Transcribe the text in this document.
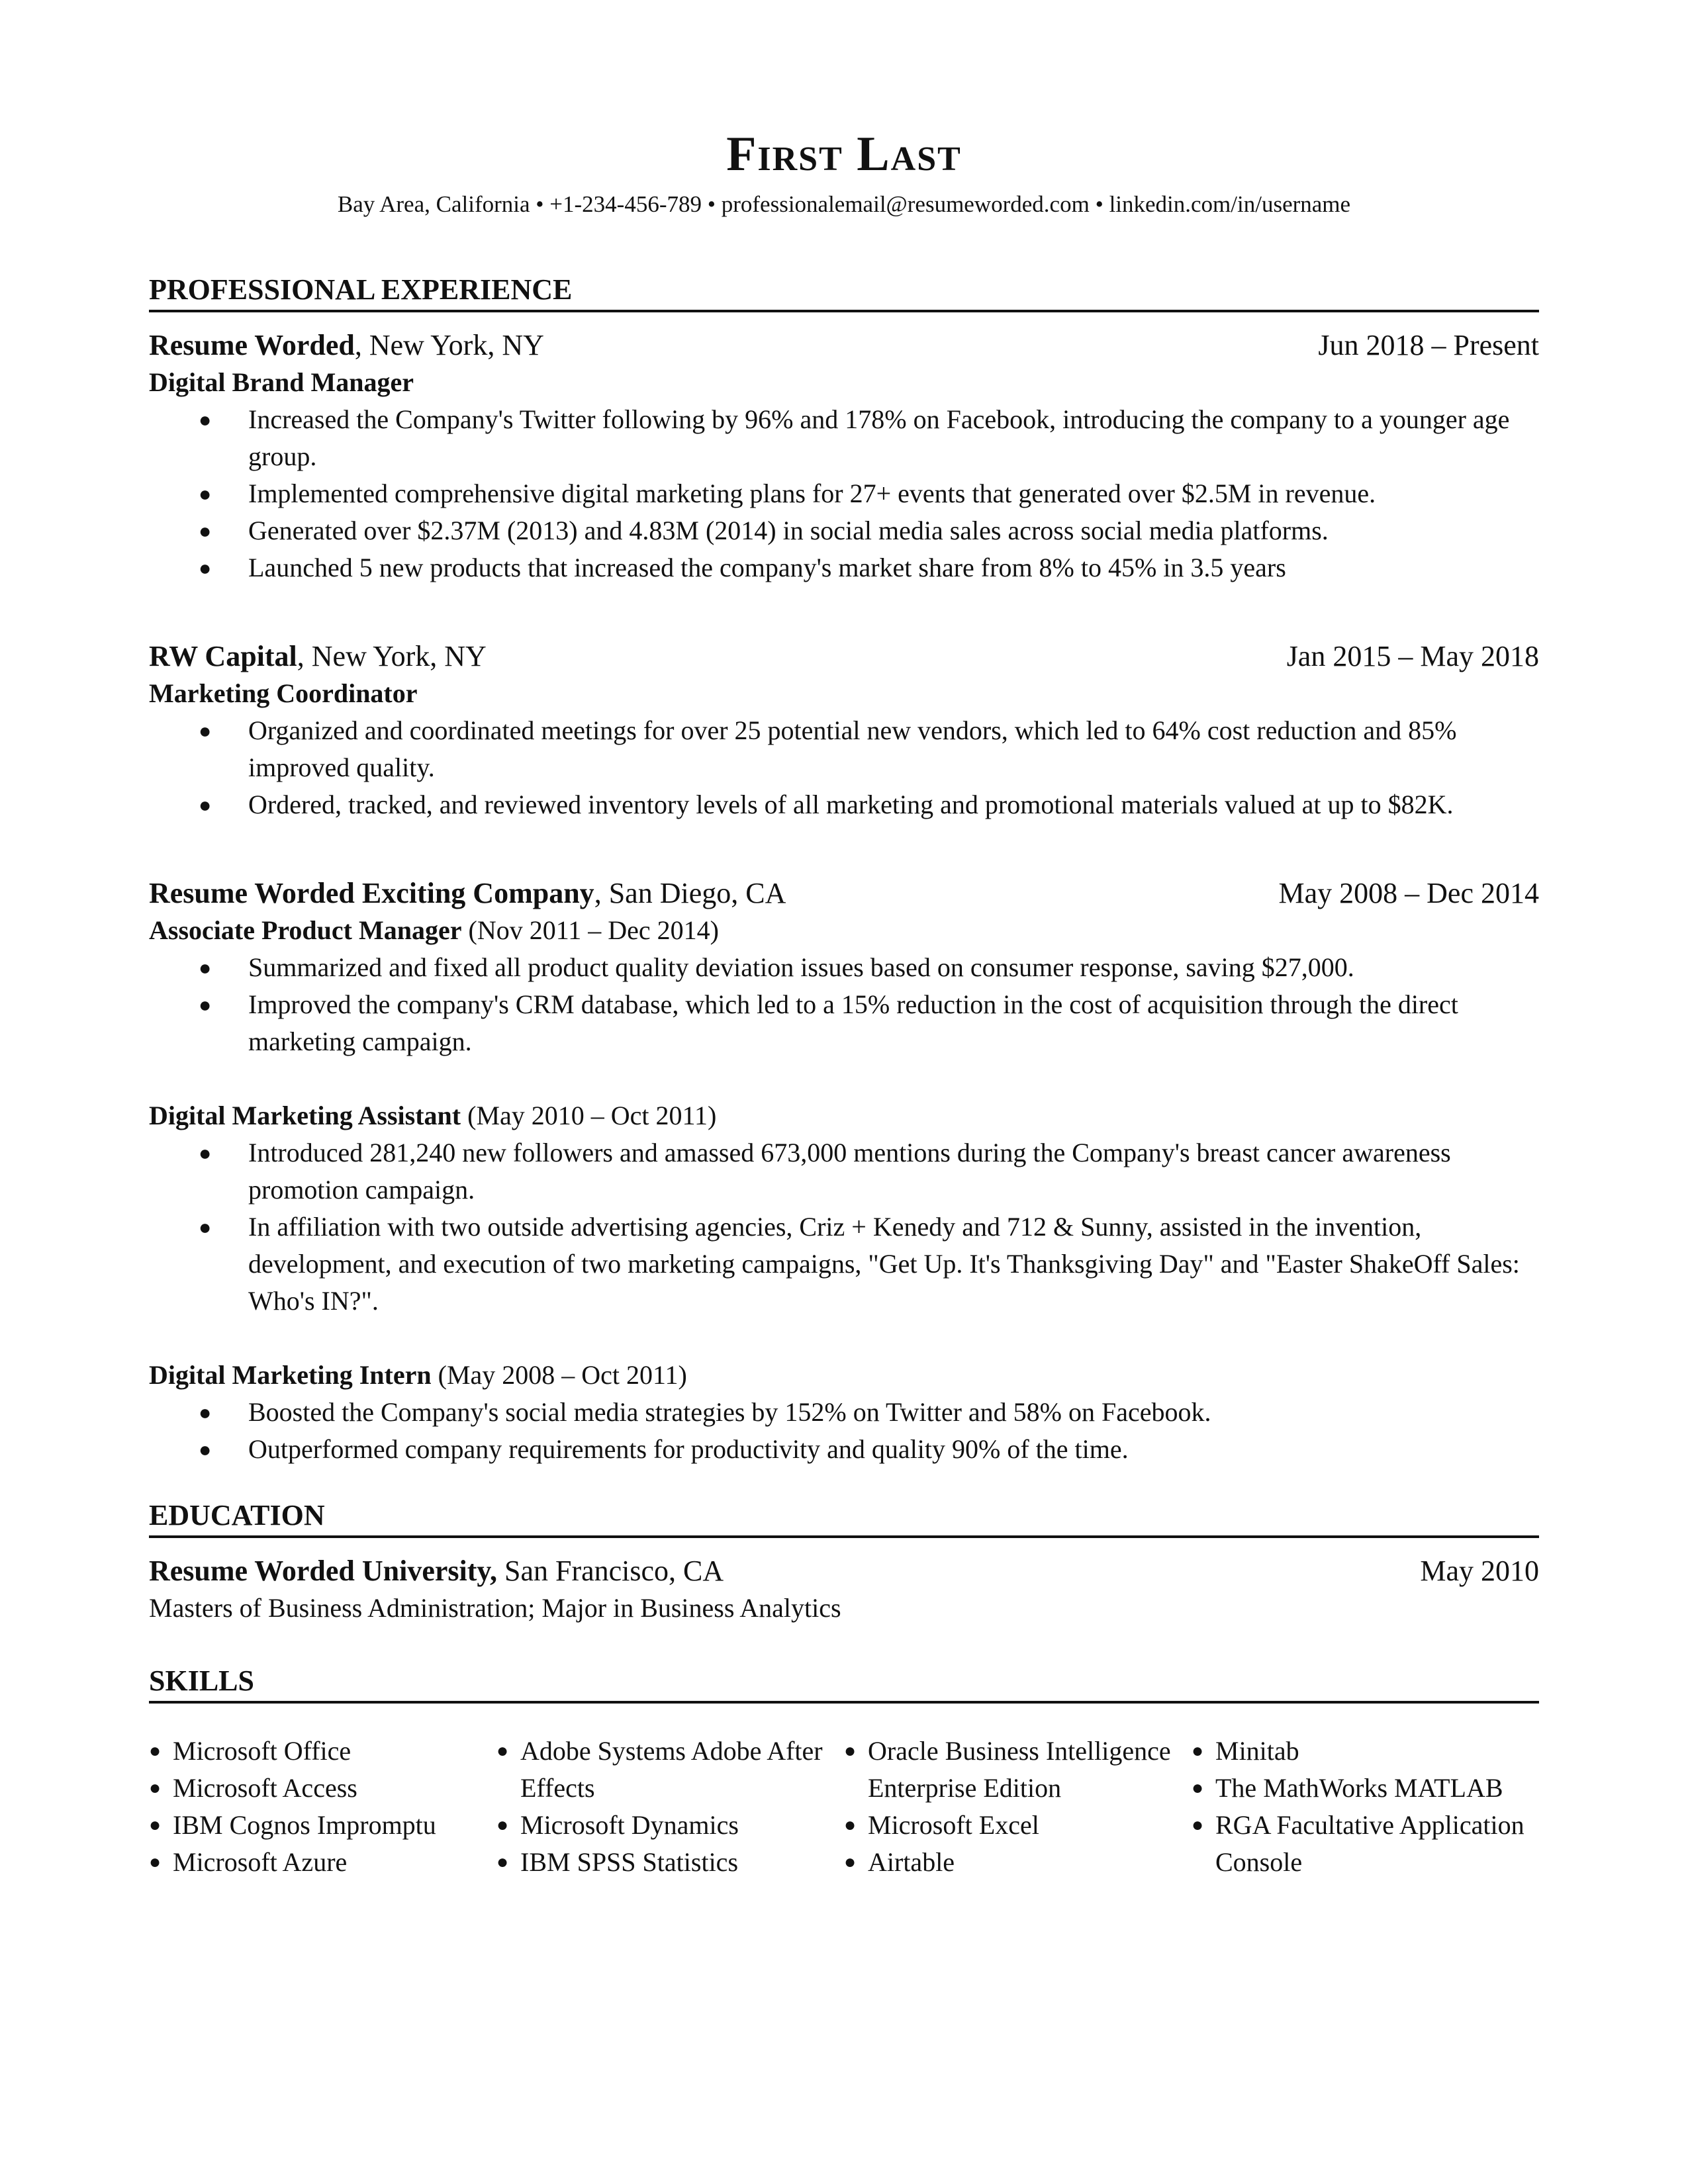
First Last
Bay Area, California • +1-234-456-789 • professionalemail@resumeworded.com • linkedin.com/in/username
PROFESSIONAL EXPERIENCE
Resume Worded, New York, NY	Jun 2018 – Present
Digital Brand Manager
● Increased the Company's Twitter following by 96% and 178% on Facebook, introducing the company to a younger age group.
● Implemented comprehensive digital marketing plans for 27+ events that generated over $2.5M in revenue.
● Generated over $2.37M (2013) and 4.83M (2014) in social media sales across social media platforms.
● Launched 5 new products that increased the company's market share from 8% to 45% in 3.5 years
RW Capital, New York, NY	Jan 2015 – May 2018
Marketing Coordinator
● Organized and coordinated meetings for over 25 potential new vendors, which led to 64% cost reduction and 85% improved quality.
● Ordered, tracked, and reviewed inventory levels of all marketing and promotional materials valued at up to $82K.
Resume Worded Exciting Company, San Diego, CA	May 2008 – Dec 2014
Associate Product Manager (Nov 2011 – Dec 2014)
● Summarized and fixed all product quality deviation issues based on consumer response, saving $27,000.
● Improved the company's CRM database, which led to a 15% reduction in the cost of acquisition through the direct marketing campaign.
Digital Marketing Assistant (May 2010 – Oct 2011)
● Introduced 281,240 new followers and amassed 673,000 mentions during the Company's breast cancer awareness promotion campaign.
● In affiliation with two outside advertising agencies, Criz + Kenedy and 712 & Sunny, assisted in the invention, development, and execution of two marketing campaigns, "Get Up. It's Thanksgiving Day" and "Easter ShakeOff Sales: Who's IN?".
Digital Marketing Intern (May 2008 – Oct 2011)
● Boosted the Company's social media strategies by 152% on Twitter and 58% on Facebook.
● Outperformed company requirements for productivity and quality 90% of the time.
EDUCATION
Resume Worded University, San Francisco, CA	May 2010
Masters of Business Administration; Major in Business Analytics
SKILLS
● Microsoft Office
● Microsoft Access
● IBM Cognos Impromptu
● Microsoft Azure
● Adobe Systems Adobe After Effects
● Microsoft Dynamics
● IBM SPSS Statistics
● Oracle Business Intelligence Enterprise Edition
● Microsoft Excel
● Airtable
● Minitab
● The MathWorks MATLAB
● RGA Facultative Application Console
